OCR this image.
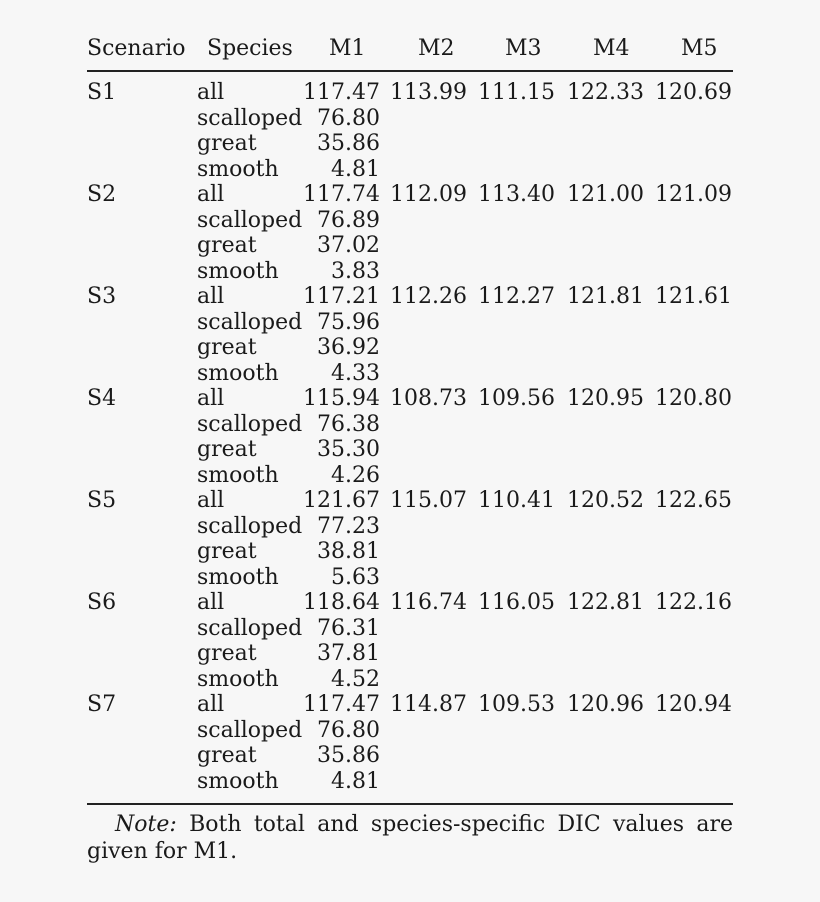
Scenario Species M1 M2 M3 M4 M5
S1	all	117.47 113.99 111.15 122.33 120.69
scalloped 76.80
great	35.86
smooth 4.81
S2	all	117.74 112.09 113.40 121.00 121.09
scalloped 76.89
great	37.02
smooth 3.83
S3	all	117.21 112.26 112.27 121.81 121.61
scalloped 75.96
great	36.92
smooth 4.33
S4	all	115.94 108.73 109.56 120.95 120.80
scalloped 76.38
great	35.30
smooth 4.26
S5	all	121.67 115.07 110.41 120.52 122.65
scalloped 77.23
great	38.81
smooth 5.63
S6	all	118.64 116.74 116.05 122.81 122.16
scalloped 76.31
great	37.81
smooth 4.52
S7	all	117.47 114.87 109.53 120.96 120.94
scalloped 76.80
great	35.86
smooth 4.81
Note: Both total and species-specific DIC values are given for M1.
